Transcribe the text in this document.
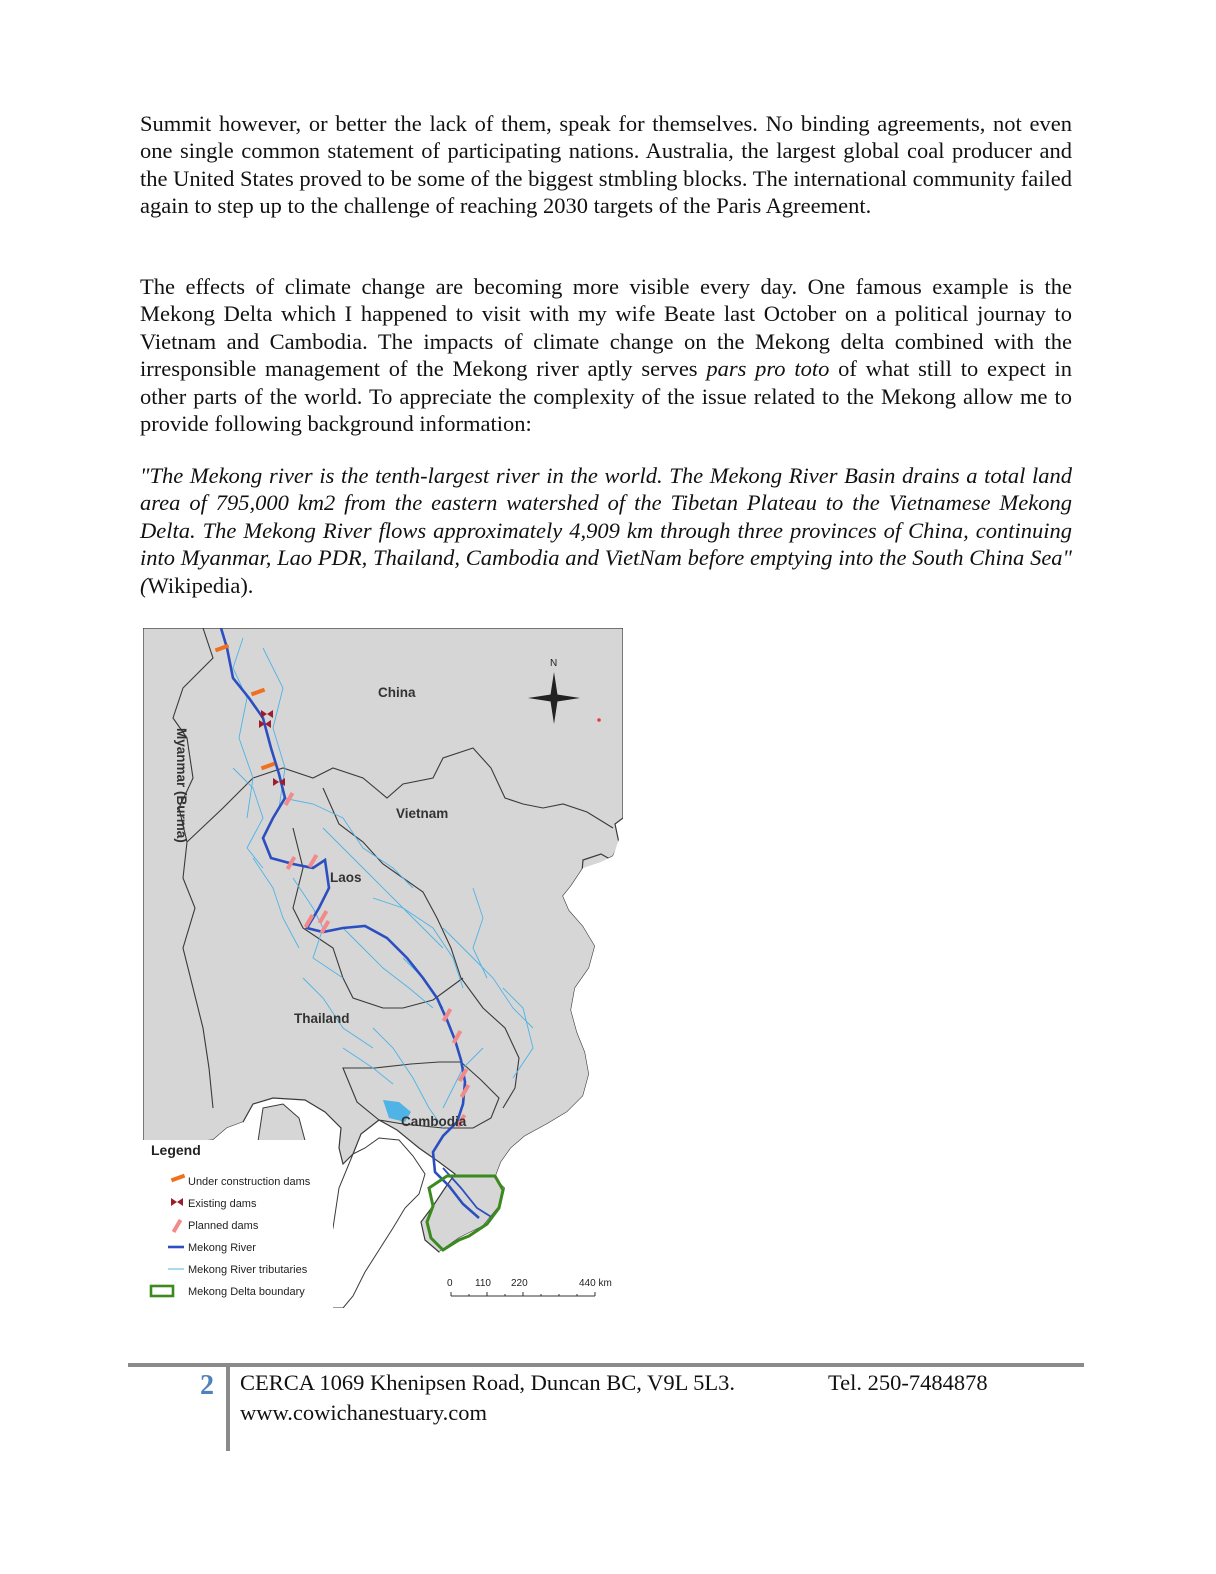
Summit however, or better the lack of them, speak for themselves. No binding agreements, not even one single common statement of participating nations. Australia, the largest global coal producer and the United States proved to be some of the biggest stmbling blocks. The international community failed again to step up to the challenge of reaching 2030 targets of the Paris Agreement.

The effects of climate change are becoming more visible every day. One famous example is the Mekong Delta which I happened to visit with my wife Beate last October on a political journay to Vietnam and Cambodia. The impacts of climate change on the Mekong delta combined with the irresponsible management of the Mekong river aptly serves pars pro toto of what still to expect in other parts of the world. To appreciate the complexity of the issue related to the Mekong allow me to provide following background information:

"The Mekong river is the tenth-largest river in the world. The Mekong River Basin drains a total land area of 795,000 km2 from the eastern watershed of the Tibetan Plateau to the Vietnamese Mekong Delta. The Mekong River flows approximately 4,909 km through three provinces of China, continuing into Myanmar, Lao PDR, Thailand, Cambodia and VietNam before emptying into the South China Sea" (Wikipedia).

China
Vietnam
Laos
Thailand
Cambodia
Myanmar (Burma)
N
Legend
Under construction dams
Existing dams
Planned dams
Mekong River
Mekong River tributaries
Mekong Delta boundary
0 110 220	440 km
2 CERCA 1069 Khenipsen Road, Duncan BC, V9L 5L3.	Tel. 250-7484878
www.cowichanestuary.com
